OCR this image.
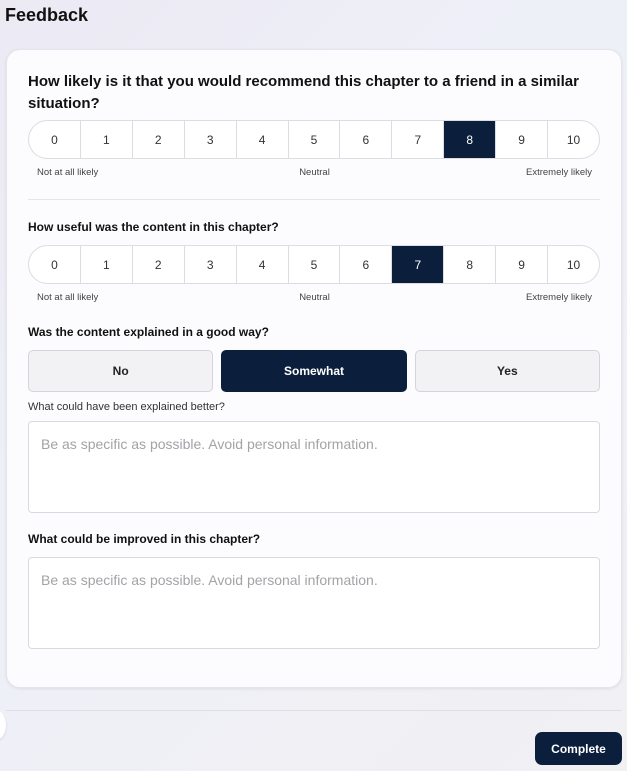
Feedback
How likely is it that you would recommend this chapter to a friend in a similar situation?
0	1	2	3	4	5	6	7	8	9	10
Not at all likely	Neutral	Extremely likely
How useful was the content in this chapter?
0	1	2	3	4	5	6	7	8	9	10
Not at all likely	Neutral	Extremely likely
Was the content explained in a good way?
No	Somewhat	Yes
What could have been explained better?
Be as specific as possible. Avoid personal information.
What could be improved in this chapter?
Be as specific as possible. Avoid personal information.
Complete
